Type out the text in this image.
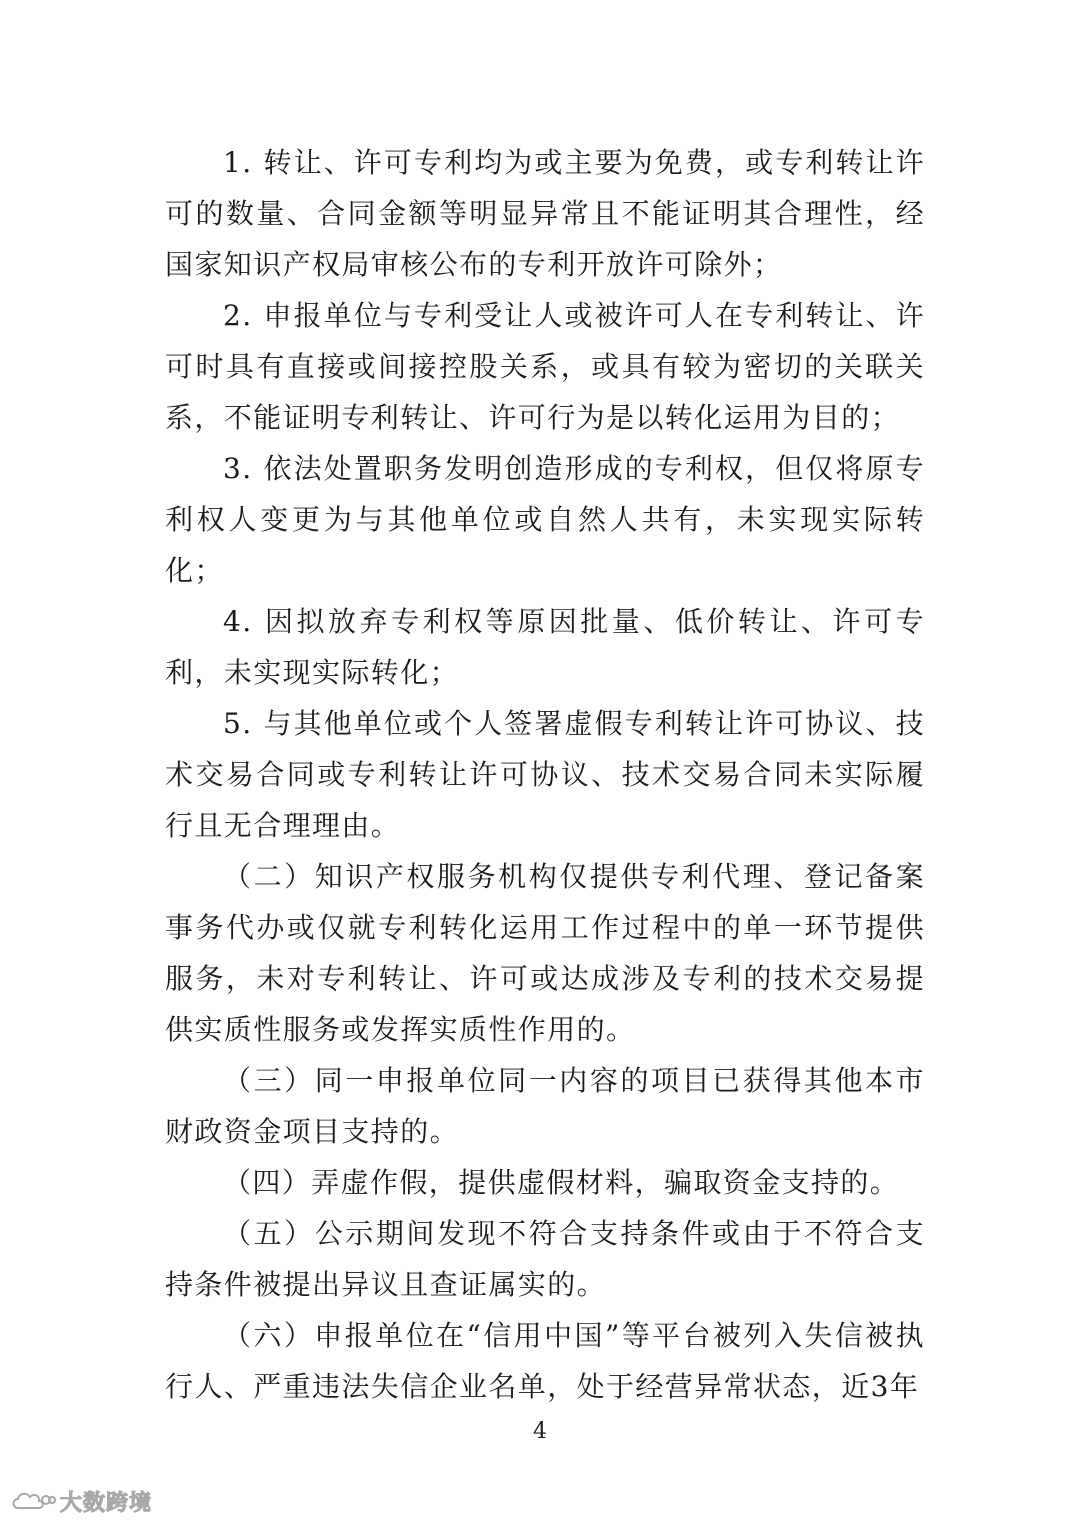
1. 转让、许可专利均为或主要为免费，或专利转让许可的数量、合同金额等明显异常且不能证明其合理性，经国家知识产权局审核公布的专利开放许可除外；

2. 申报单位与专利受让人或被许可人在专利转让、许可时具有直接或间接控股关系，或具有较为密切的关联关系，不能证明专利转让、许可行为是以转化运用为目的；

3. 依法处置职务发明创造形成的专利权，但仅将原专利权人变更为与其他单位或自然人共有，未实现实际转化；

4. 因拟放弃专利权等原因批量、低价转让、许可专利，未实现实际转化；

5. 与其他单位或个人签署虚假专利转让许可协议、技术交易合同或专利转让许可协议、技术交易合同未实际履行且无合理理由。

（二）知识产权服务机构仅提供专利代理、登记备案事务代办或仅就专利转化运用工作过程中的单一环节提供服务，未对专利转让、许可或达成涉及专利的技术交易提供实质性服务或发挥实质性作用的。

（三）同一申报单位同一内容的项目已获得其他本市财政资金项目支持的。

（四）弄虚作假，提供虚假材料，骗取资金支持的。

（五）公示期间发现不符合支持条件或由于不符合支持条件被提出异议且查证属实的。

（六）申报单位在“信用中国”等平台被列入失信被执行人、严重违法失信企业名单，处于经营异常状态，近3年

4
大数跨境
